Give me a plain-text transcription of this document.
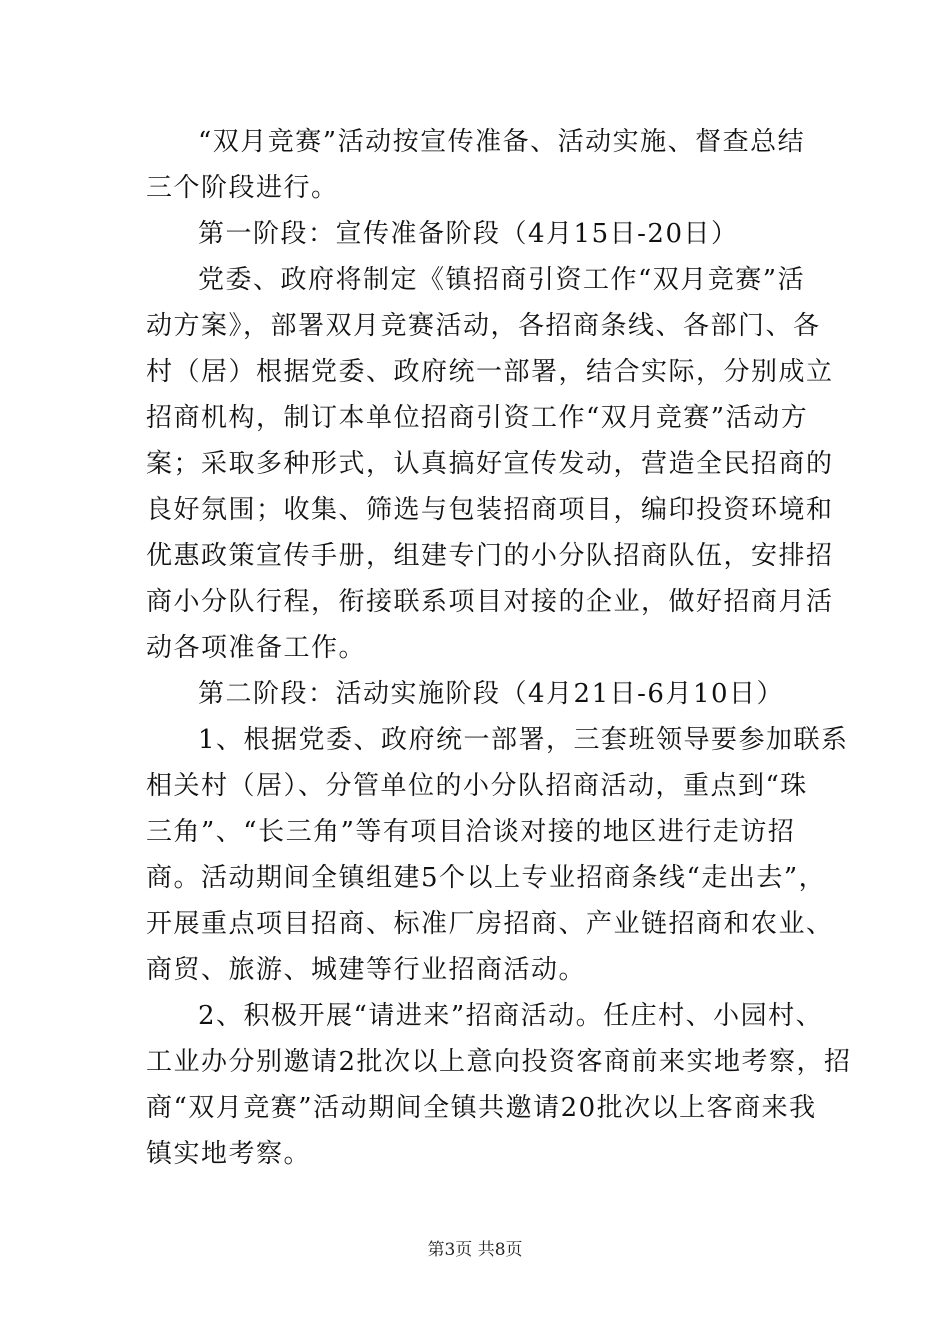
“双月竞赛”活动按宣传准备、活动实施、督查总结
三个阶段进行。
第一阶段：宣传准备阶段（4月15日-20日）
党委、政府将制定《镇招商引资工作“双月竞赛”活
动方案》，部署双月竞赛活动，各招商条线、各部门、各
村（居）根据党委、政府统一部署，结合实际，分别成立
招商机构，制订本单位招商引资工作“双月竞赛”活动方
案；采取多种形式，认真搞好宣传发动，营造全民招商的
良好氛围；收集、筛选与包装招商项目，编印投资环境和
优惠政策宣传手册，组建专门的小分队招商队伍，安排招
商小分队行程，衔接联系项目对接的企业，做好招商月活
动各项准备工作。
第二阶段：活动实施阶段（4月21日-6月10日）
1、根据党委、政府统一部署，三套班领导要参加联系
相关村（居）、分管单位的小分队招商活动，重点到“珠
三角”、“长三角”等有项目洽谈对接的地区进行走访招
商。活动期间全镇组建5个以上专业招商条线“走出去”，
开展重点项目招商、标准厂房招商、产业链招商和农业、
商贸、旅游、城建等行业招商活动。
2、积极开展“请进来”招商活动。任庄村、小园村、
工业办分别邀请2批次以上意向投资客商前来实地考察，招
商“双月竞赛”活动期间全镇共邀请20批次以上客商来我
镇实地考察。
第3页 共8页
